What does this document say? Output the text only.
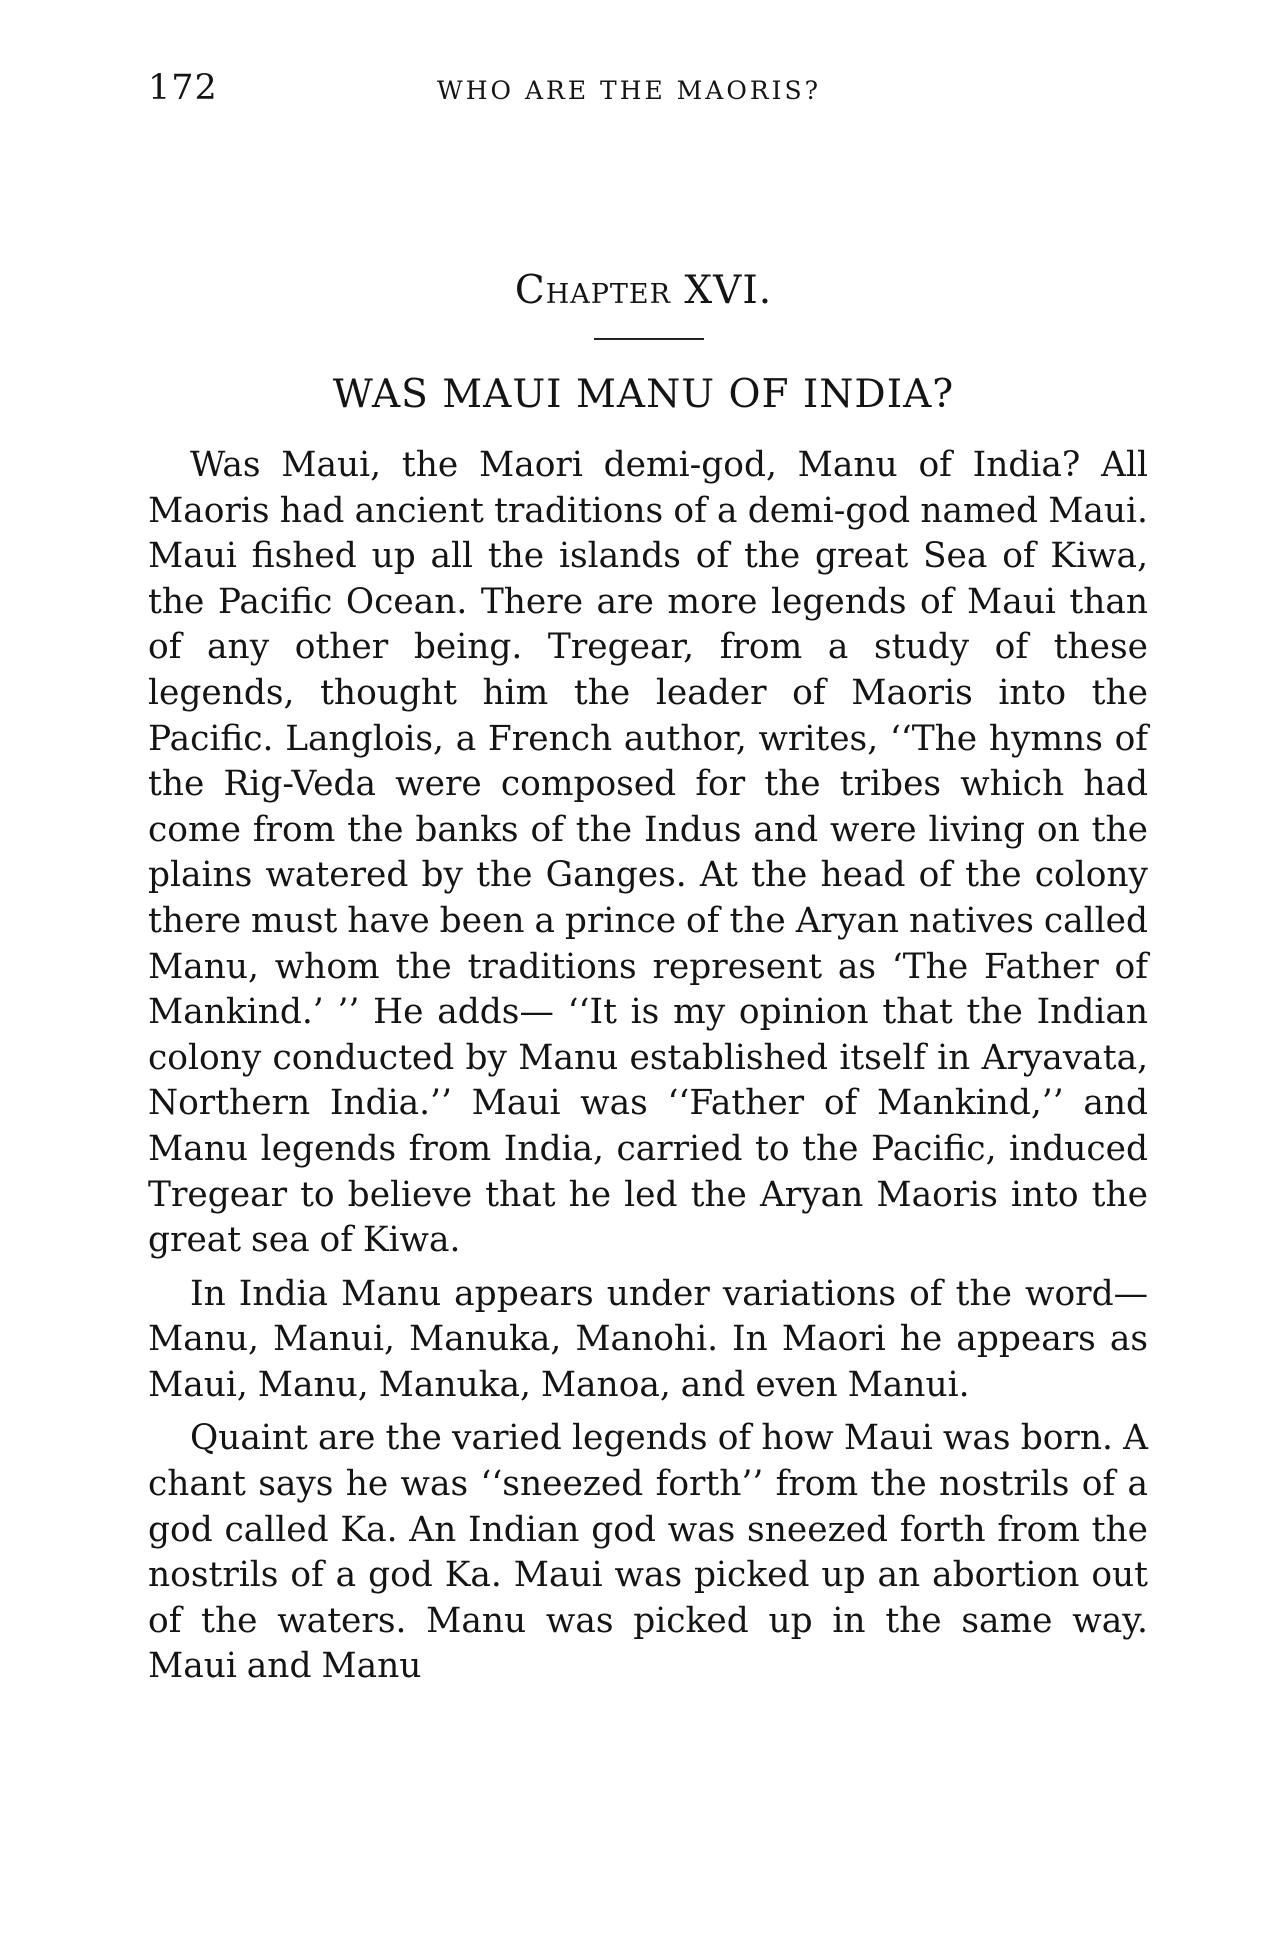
172	WHO ARE THE MAORIS?
Chapter XVI.
WAS MAUI MANU OF INDIA?

Was Maui, the Maori demi-god, Manu of India? All Maoris had ancient traditions of a demi-god named Maui. Maui fished up all the islands of the great Sea of Kiwa, the Pacific Ocean. There are more legends of Maui than of any other being. Tregear, from a study of these legends, thought him the leader of Maoris into the Pacific. Langlois, a French author, writes, ‘‘The hymns of the Rig-Veda were composed for the tribes which had come from the banks of the Indus and were living on the plains watered by the Ganges. At the head of the colony there must have been a prince of the Aryan natives called Manu, whom the traditions represent as ‘The Father of Mankind.’ ’’ He adds— ‘‘It is my opinion that the Indian colony conducted by Manu established itself in Aryavata, Northern India.’’ Maui was ‘‘Father of Mankind,’’ and Manu legends from India, carried to the Pacific, induced Tregear to believe that he led the Aryan Maoris into the great sea of Kiwa.

In India Manu appears under variations of the word—Manu, Manui, Manuka, Manohi. In Maori he appears as Maui, Manu, Manuka, Manoa, and even Manui.

Quaint are the varied legends of how Maui was born. A chant says he was ‘‘sneezed forth’’ from the nostrils of a god called Ka. An Indian god was sneezed forth from the nostrils of a god Ka. Maui was picked up an abortion out of the waters. Manu was picked up in the same way. Maui and Manu
